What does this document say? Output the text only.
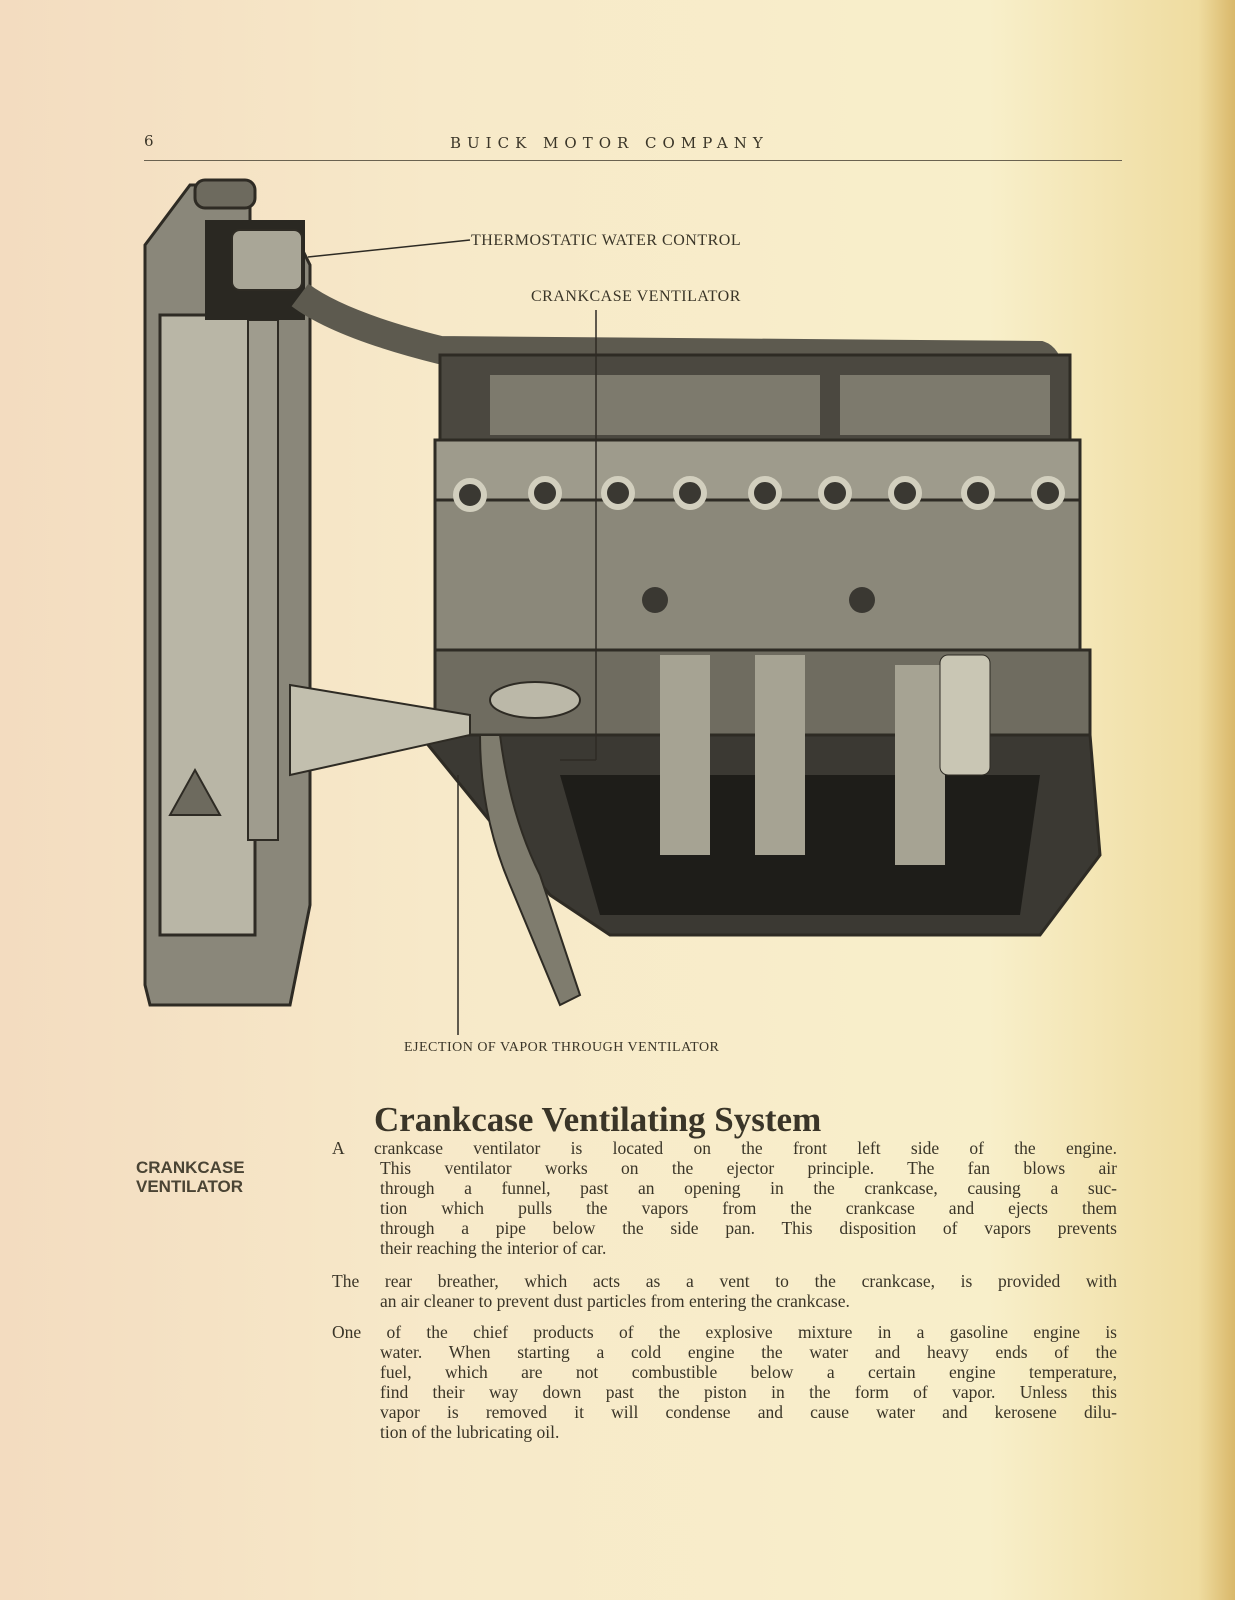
6	BUICK MOTOR COMPANY
THERMOSTATIC WATER CONTROL
CRANKCASE VENTILATOR
EJECTION OF VAPOR THROUGH VENTILATOR
Crankcase Ventilating System
CRANKCASE
VENTILATOR
A crankcase ventilator is located on the front left side of the engine.
This ventilator works on the ejector principle. The fan blows air
through a funnel, past an opening in the crankcase, causing a suc-
tion which pulls the vapors from the crankcase and ejects them
through a pipe below the side pan. This disposition of vapors prevents
their reaching the interior of car.
The rear breather, which acts as a vent to the crankcase, is provided with
an air cleaner to prevent dust particles from entering the crankcase.
One of the chief products of the explosive mixture in a gasoline engine is
water. When starting a cold engine the water and heavy ends of the
fuel, which are not combustible below a certain engine temperature,
find their way down past the piston in the form of vapor. Unless this
vapor is removed it will condense and cause water and kerosene dilu-
tion of the lubricating oil.
